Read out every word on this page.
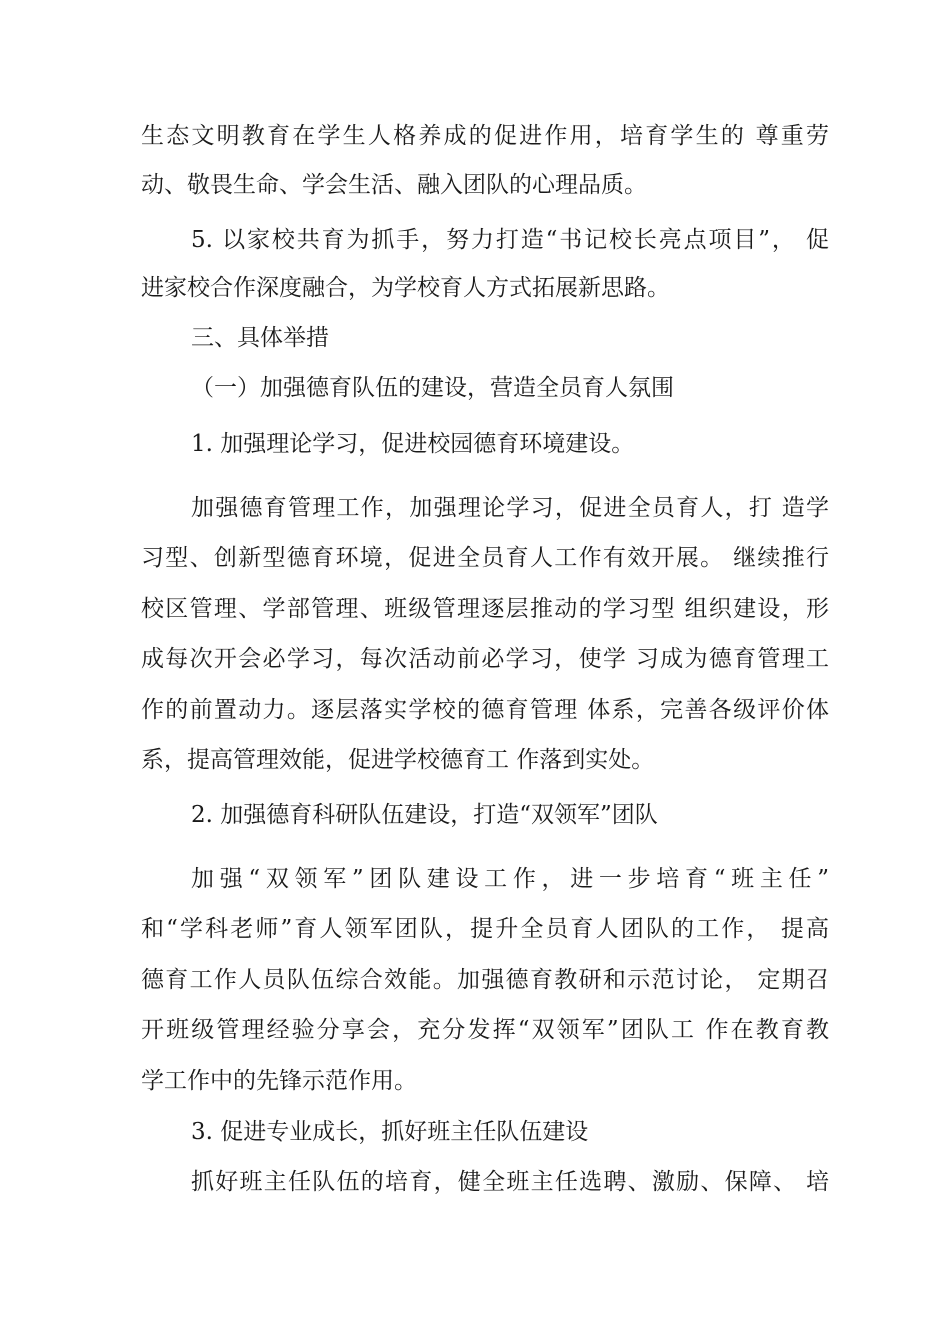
生态文明教育在学生人格养成的促进作用，培育学生的 尊重劳

动、敬畏生命、学会生活、融入团队的心理品质。

5. 以家校共育为抓手，努力打造“书记校长亮点项目”， 促

进家校合作深度融合，为学校育人方式拓展新思路。

三、具体举措

（一）加强德育队伍的建设，营造全员育人氛围

1. 加强理论学习，促进校园德育环境建设。

加强德育管理工作，加强理论学习，促进全员育人，打 造学

习型、创新型德育环境，促进全员育人工作有效开展。 继续推行

校区管理、学部管理、班级管理逐层推动的学习型 组织建设，形

成每次开会必学习，每次活动前必学习，使学 习成为德育管理工

作的前置动力。逐层落实学校的德育管理 体系，完善各级评价体

系，提高管理效能，促进学校德育工 作落到实处。

2. 加强德育科研队伍建设，打造“双领军”团队

加强“双领军”团队建设工作，进一步培育“班主任”

和“学科老师”育人领军团队，提升全员育人团队的工作， 提高

德育工作人员队伍综合效能。加强德育教研和示范讨论， 定期召

开班级管理经验分享会，充分发挥“双领军”团队工 作在教育教

学工作中的先锋示范作用。

3. 促进专业成长，抓好班主任队伍建设

抓好班主任队伍的培育，健全班主任选聘、激励、保障、 培
